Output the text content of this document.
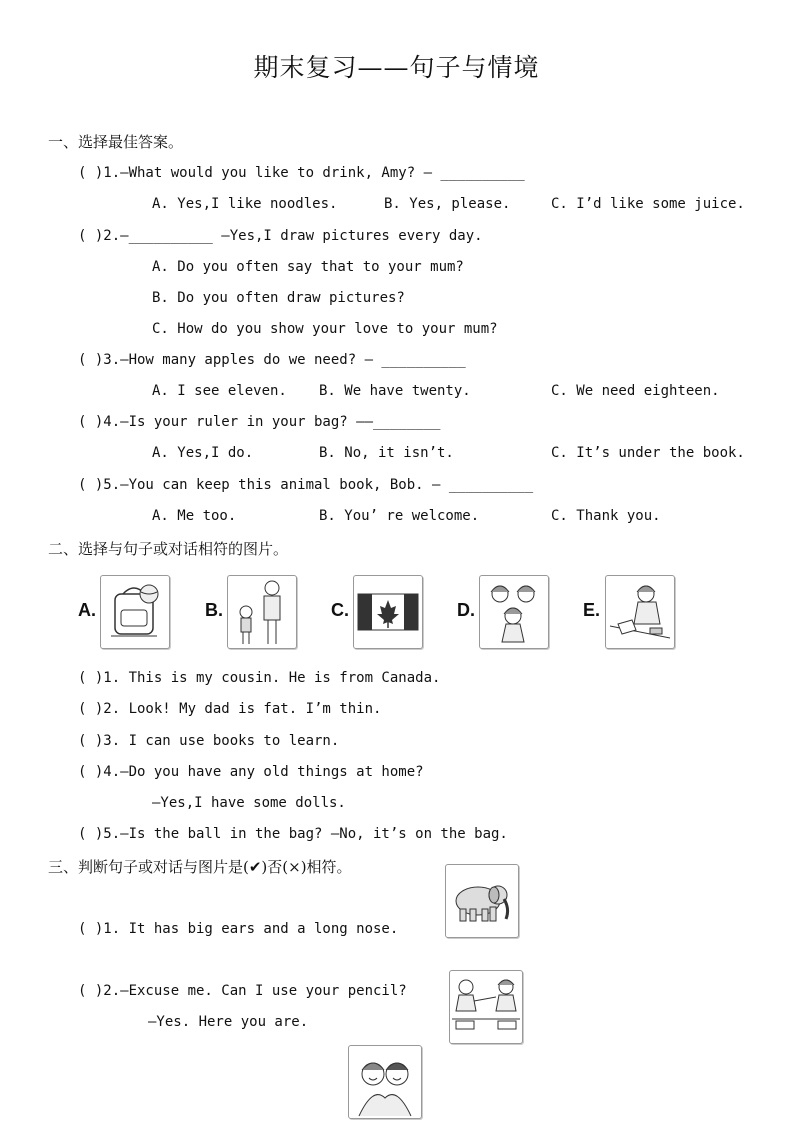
期末复习——句子与情境
一、选择最佳答案。
( )1.—What would you like to drink, Amy? — __________
A. Yes,I like noodles.	B. Yes, please.	C. I’d like some juice.
( )2.—__________ —Yes,I draw pictures every day.
A. Do you often say that to your mum?
B. Do you often draw pictures?
C. How do you show your love to your mum?
( )3.—How many apples do we need? — __________
A. I see eleven. B. We have twenty.	C. We need eighteen.
( )4.—Is your ruler in your bag? ——________
A. Yes,I do.	B. No, it isn’t.	C. It’s under the book.
( )5.—You can keep this animal book, Bob. — __________
A. Me too.	B. You’ re welcome.	C. Thank you.
二、选择与句子或对话相符的图片。
A.	B.	C.	D.	E.
( )1. This is my cousin. He is from Canada.
( )2. Look! My dad is fat. I’m thin.
( )3. I can use books to learn.
( )4.—Do you have any old things at home?
—Yes,I have some dolls.
( )5.—Is the ball in the bag? —No, it’s on the bag.
三、判断句子或对话与图片是(✔)否(×)相符。
( )1. It has big ears and a long nose.
( )2.—Excuse me. Can I use your pencil?
—Yes. Here you are.
